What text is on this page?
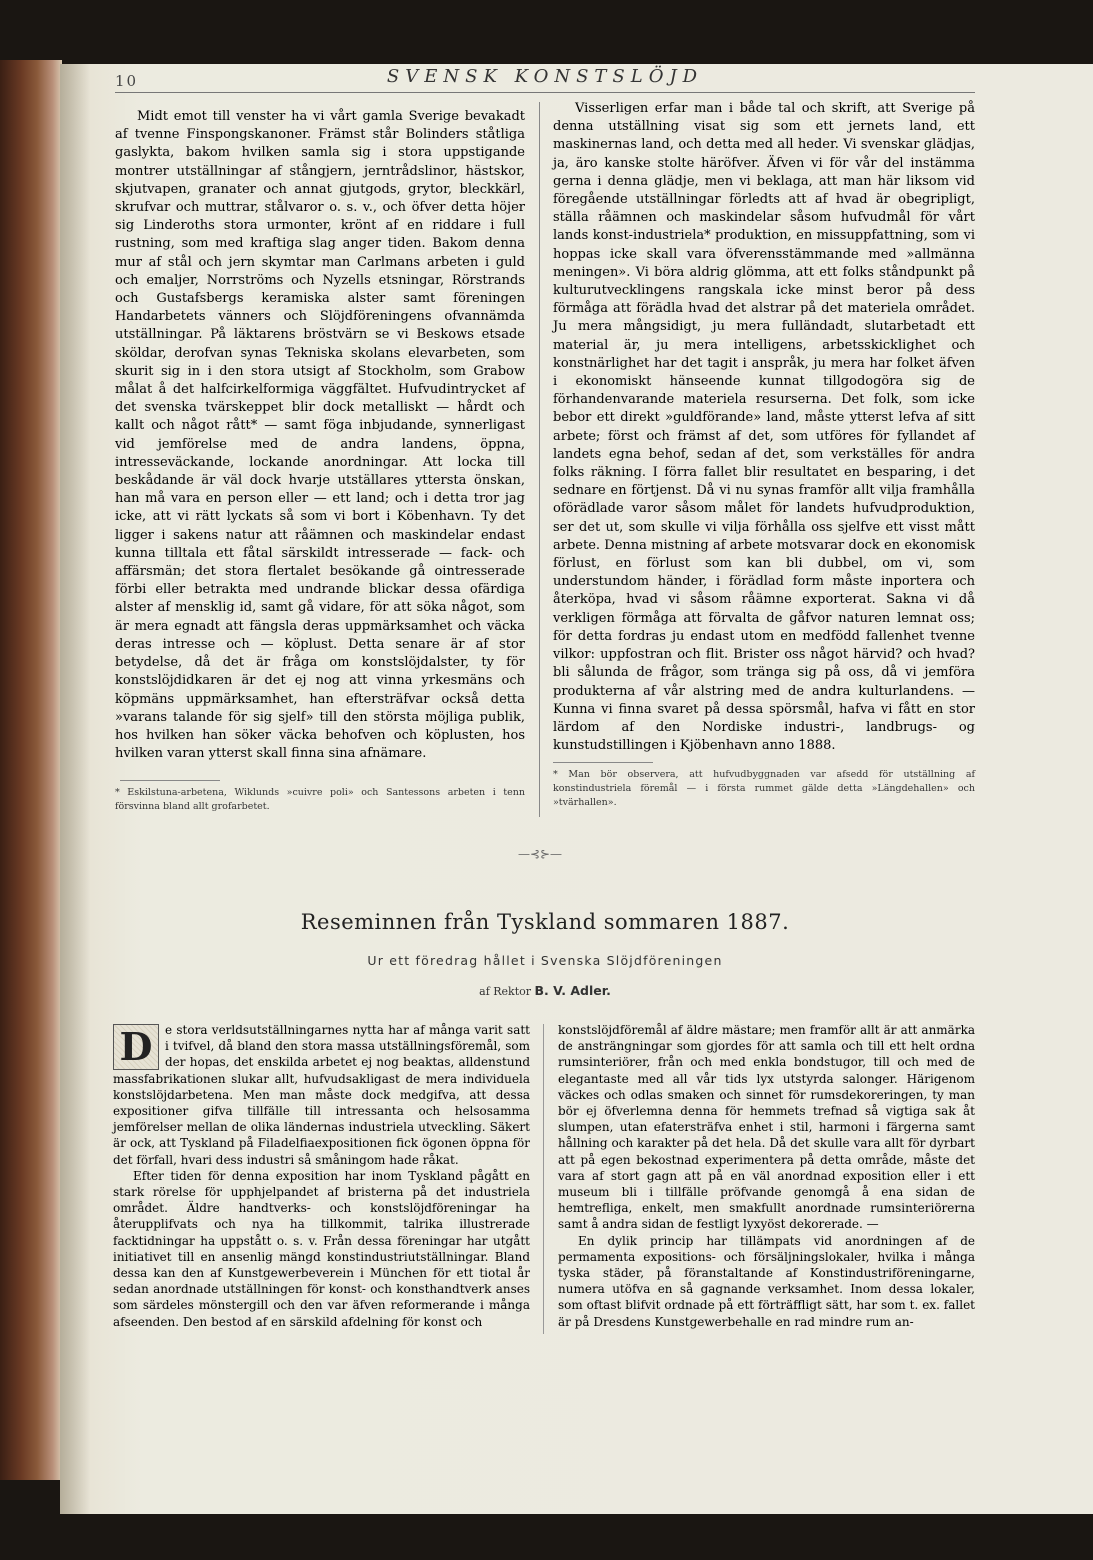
10	SVENSK KONSTSLÖJD

Midt emot till venster ha vi vårt gamla Sverige bevakadt af tvenne Finspongskanoner. Främst står Bolinders ståtliga gaslykta, bakom hvilken samla sig i stora uppstigande montrer utställningar af stångjern, jerntrådslinor, hästskor, skjutvapen, granater och annat gjutgods, grytor, bleckkärl, skrufvar och muttrar, stålvaror o. s. v., och öfver detta höjer sig Linderoths stora urmonter, krönt af en riddare i full rustning, som med kraftiga slag anger tiden. Bakom denna mur af stål och jern skymtar man Carlmans arbeten i guld och emaljer, Norrströms och Nyzells etsningar, Rörstrands och Gustafsbergs keramiska alster samt föreningen Handarbetets vänners och Slöjdföreningens ofvannämda utställningar. På läktarens bröstvärn se vi Beskows etsade sköldar, derofvan synas Tekniska skolans elevarbeten, som skurit sig in i den stora utsigt af Stockholm, som Grabow målat å det halfcirkelformiga väggfältet. Hufvudintrycket af det svenska tvärskeppet blir dock metalliskt — hårdt och kallt och något rått* — samt föga inbjudande, synnerligast vid jemförelse med de andra landens, öppna, intresseväckande, lockande anordningar. Att locka till beskådande är väl dock hvarje utställares yttersta önskan, han må vara en person eller — ett land; och i detta tror jag icke, att vi rätt lyckats så som vi bort i Köbenhavn. Ty det ligger i sakens natur att råämnen och maskindelar endast kunna tilltala ett fåtal särskildt intresserade — fack- och affärsmän; det stora flertalet besökande gå ointresserade förbi eller betrakta med undrande blickar dessa ofärdiga alster af mensklig id, samt gå vidare, för att söka något, som är mera egnadt att fängsla deras uppmärksamhet och väcka deras intresse och — köplust. Detta senare är af stor betydelse, då det är fråga om konstslöjdalster, ty för konstslöjdidkaren är det ej nog att vinna yrkesmäns och köpmäns uppmärksamhet, han eftersträfvar också detta »varans talande för sig sjelf» till den största möjliga publik, hos hvilken han söker väcka behofven och köplusten, hos hvilken varan ytterst skall finna sina afnämare.

Visserligen erfar man i både tal och skrift, att Sverige på denna utställning visat sig som ett jernets land, ett maskinernas land, och detta med all heder. Vi svenskar glädjas, ja, äro kanske stolte häröfver. Äfven vi för vår del instämma gerna i denna glädje, men vi beklaga, att man här liksom vid föregående utställningar förledts att af hvad är obegripligt, ställa råämnen och maskindelar såsom hufvudmål för vårt lands konst-industriela* produktion, en missuppfattning, som vi hoppas icke skall vara öfverensstämmande med »allmänna meningen». Vi böra aldrig glömma, att ett folks ståndpunkt på kulturutvecklingens rangskala icke minst beror på dess förmåga att förädla hvad det alstrar på det materiela området. Ju mera mångsidigt, ju mera fulländadt, slutarbetadt ett material är, ju mera intelligens, arbetsskicklighet och konstnärlighet har det tagit i anspråk, ju mera har folket äfven i ekonomiskt hänseende kunnat tillgodogöra sig de förhandenvarande materiela resurserna. Det folk, som icke bebor ett direkt »guldförande» land, måste ytterst lefva af sitt arbete; först och främst af det, som utföres för fyllandet af landets egna behof, sedan af det, som verkställes för andra folks räkning. I förra fallet blir resultatet en besparing, i det sednare en förtjenst. Då vi nu synas framför allt vilja framhålla oförädlade varor såsom målet för landets hufvudproduktion, ser det ut, som skulle vi vilja förhålla oss sjelfve ett visst mått arbete. Denna mistning af arbete motsvarar dock en ekonomisk förlust, en förlust som kan bli dubbel, om vi, som understundom händer, i förädlad form måste inportera och återköpa, hvad vi såsom råämne exporterat. Sakna vi då verkligen förmåga att förvalta de gåfvor naturen lemnat oss; för detta fordras ju endast utom en medfödd fallenhet tvenne vilkor: uppfostran och flit. Brister oss något härvid? och hvad? bli sålunda de frågor, som tränga sig på oss, då vi jemföra produkterna af vår alstring med de andra kulturlandens. — Kunna vi finna svaret på dessa spörsmål, hafva vi fått en stor lärdom af den Nordiske industri-, landbrugs- og kunstudstillingen i Kjöbenhavn anno 1888.

* Eskilstuna-arbetena, Wiklunds »cuivre poli» och Santessons arbeten i tenn försvinna bland allt grofarbetet.
* Man bör observera, att hufvudbyggnaden var afsedd för utställning af konstindustriela föremål — i första rummet gälde detta »Längdehallen» och »tvärhallen».
—⊰⊱—
Reseminnen från Tyskland sommaren 1887.
Ur ett föredrag hållet i Svenska Slöjdföreningen
af Rektor B. V. Adler.

D	e stora verldsutställningarnes nytta har af många varit satt i tvifvel, då bland den stora massa utställningsföremål, som der hopas, det enskilda arbetet ej nog beaktas, alldenstund massfabrikationen slukar allt, hufvudsakligast de mera individuela konstslöjdarbetena. Men man måste dock medgifva, att dessa expositioner gifva tillfälle till intressanta och helsosamma jemförelser mellan de olika ländernas industriela utveckling. Säkert är ock, att Tyskland på Filadelfiaexpositionen fick ögonen öppna för det förfall, hvari dess industri så småningom hade råkat.

Efter tiden för denna exposition har inom Tyskland pågått en stark rörelse för upphjelpandet af bristerna på det industriela området. Äldre handtverks- och konstslöjdföreningar ha återupplifvats och nya ha tillkommit, talrika illustrerade facktidningar ha uppstått o. s. v. Från dessa föreningar har utgått initiativet till en ansenlig mängd konstindustriutställningar. Bland dessa kan den af Kunstgewerbeverein i München för ett tiotal år sedan anordnade utställningen för konst- och konsthandtverk anses som särdeles mönstergill och den var äfven reformerande i många afseenden. Den bestod af en särskild afdelning för konst och

konstslöjdföremål af äldre mästare; men framför allt är att anmärka de ansträngningar som gjordes för att samla och till ett helt ordna rumsinteriörer, från och med enkla bondstugor, till och med de elegantaste med all vår tids lyx utstyrda salonger. Härigenom väckes och odlas smaken och sinnet för rumsdekoreringen, ty man bör ej öfverlemna denna för hemmets trefnad så vigtiga sak åt slumpen, utan efatersträfva enhet i stil, harmoni i färgerna samt hållning och karakter på det hela. Då det skulle vara allt för dyrbart att på egen bekostnad experimentera på detta område, måste det vara af stort gagn att på en väl anordnad exposition eller i ett museum bli i tillfälle pröfvande genomgå å ena sidan de hemtrefliga, enkelt, men smakfullt anordnade rumsinteriörerna samt å andra sidan de festligt lyxyöst dekorerade. —

En dylik princip har tillämpats vid anordningen af de permamenta expositions- och försäljningslokaler, hvilka i många tyska städer, på föranstaltande af Konstindustriföreningarne, numera utöfva en så gagnande verksamhet. Inom dessa lokaler, som oftast blifvit ordnade på ett förträffligt sätt, har som t. ex. fallet är på Dresdens Kunstgewerbehalle en rad mindre rum an-
